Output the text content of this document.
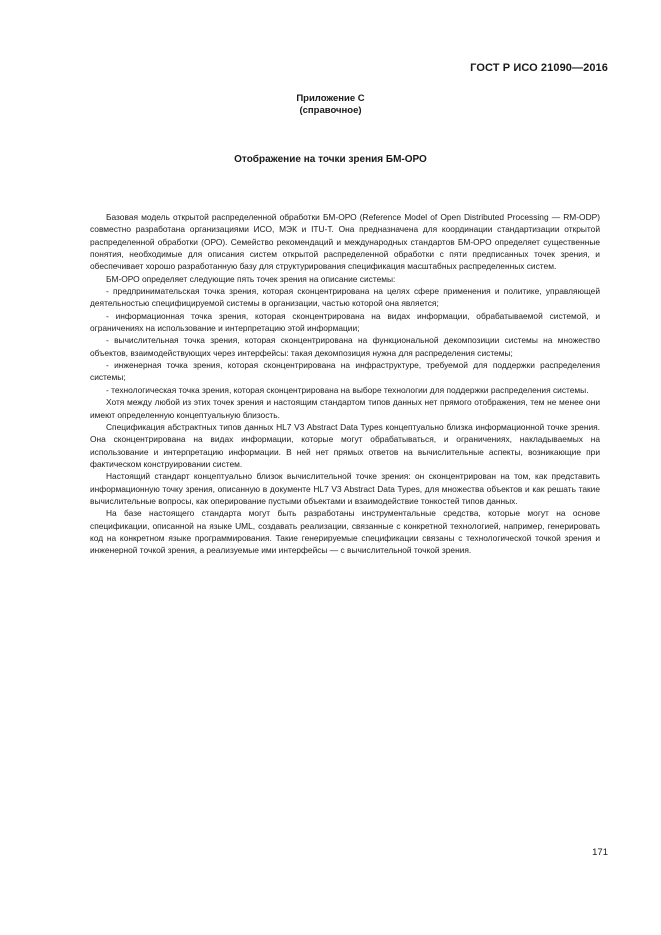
ГОСТ Р ИСО 21090—2016
Приложение С
(справочное)
Отображение на точки зрения БМ-ОРО

Базовая модель открытой распределенной обработки БМ-ОРО (Reference Model of Open Distributed Processing — RM-ODP) совместно разработана организациями ИСО, МЭК и ITU-T. Она предназначена для координации стандартизации открытой распределенной обработки (ОРО). Семейство рекомендаций и международных стандартов БМ-ОРО определяет существенные понятия, необходимые для описания систем открытой распределенной обработки с пяти предписанных точек зрения, и обеспечивает хорошо разработанную базу для структурирования спецификация масштабных распределенных систем.

БМ-ОРО определяет следующие пять точек зрения на описание системы:

- предпринимательская точка зрения, которая сконцентрирована на целях сфере применения и политике, управляющей деятельностью специфицируемой системы в организации, частью которой она является;

- информационная точка зрения, которая сконцентрирована на видах информации, обрабатываемой системой, и ограничениях на использование и интерпретацию этой информации;

- вычислительная точка зрения, которая сконцентрирована на функциональной декомпозиции системы на множество объектов, взаимодействующих через интерфейсы: такая декомпозиция нужна для распределения системы;

- инженерная точка зрения, которая сконцентрирована на инфраструктуре, требуемой для поддержки распределения системы;

- технологическая точка зрения, которая сконцентрирована на выборе технологии для поддержки распределения системы.

Хотя между любой из этих точек зрения и настоящим стандартом типов данных нет прямого отображения, тем не менее они имеют определенную концептуальную близость.

Спецификация абстрактных типов данных HL7 V3 Abstract Data Types концептуально близка информационной точке зрения. Она сконцентрирована на видах информации, которые могут обрабатываться, и ограничениях, накладываемых на использование и интерпретацию информации. В ней нет прямых ответов на вычислительные аспекты, возникающие при фактическом конструировании систем.

Настоящий стандарт концептуально близок вычислительной точке зрения: он сконцентрирован на том, как представить информационную точку зрения, описанную в документе HL7 V3 Abstract Data Types, для множества объектов и как решать такие вычислительные вопросы, как оперирование пустыми объектами и взаимодействие тонкостей типов данных.

На базе настоящего стандарта могут быть разработаны инструментальные средства, которые могут на основе спецификации, описанной на языке UML, создавать реализации, связанные с конкретной технологией, например, генерировать код на конкретном языке программирования. Такие генерируемые спецификации связаны с технологической точкой зрения и инженерной точкой зрения, а реализуемые ими интерфейсы — с вычислительной точкой зрения.

171
